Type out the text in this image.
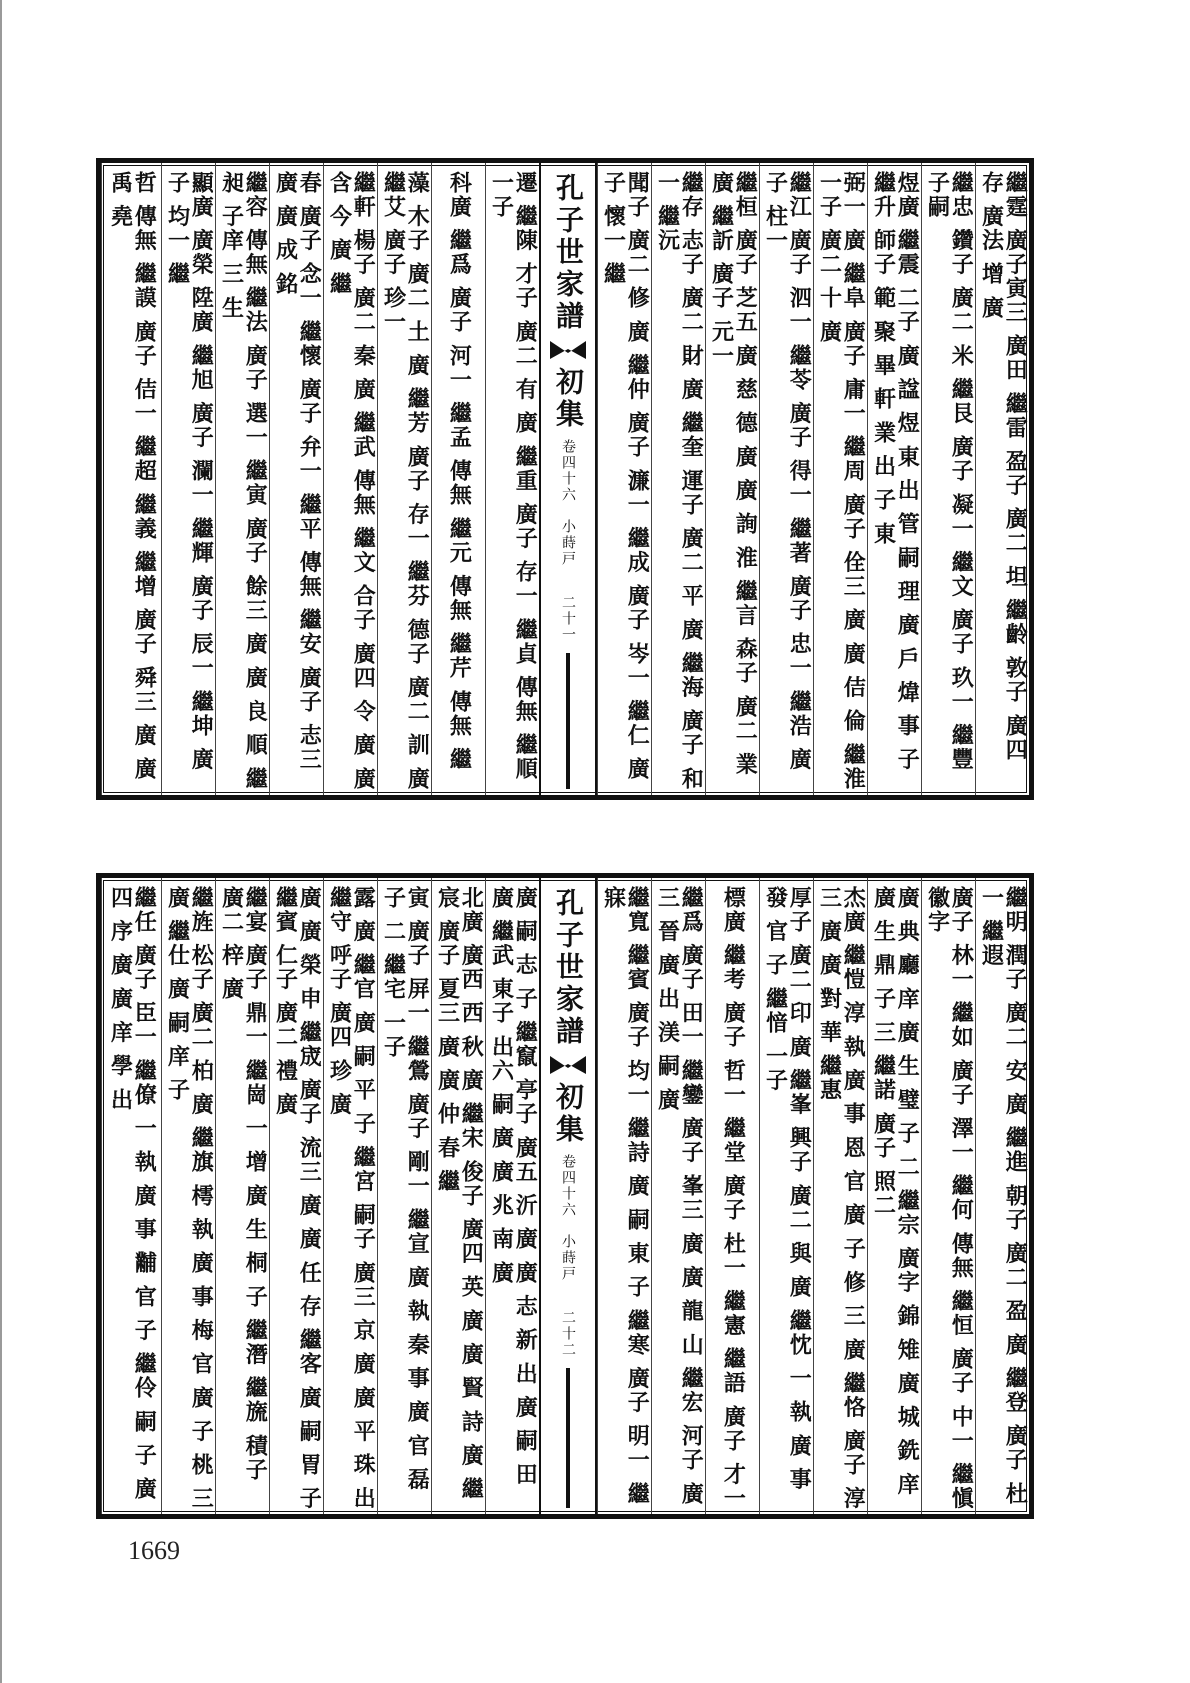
繼霆 廣子寅三 廣田 繼雷 盈子 廣二 坦 繼齡 敦子 廣四 存 廣法 增 廣
繼忠 鑽子 廣二 米 繼艮 廣子 凝一 繼文 廣子 玖一 繼豐 子嗣
煜廣 繼震 二子 廣 諡 煜 東 出 管 嗣 理 廣 戶 煒 事 子 繼升 師子 範 聚 畢 軒 業 出 子 東
弼一 廣 繼阜 廣子 庸一 繼周 廣子 佺三 廣 廣 佶 倫 繼淮 一子 廣二 十 廣
繼江 廣子 泗一 繼苓 廣子 得一 繼著 廣子 忠一 繼浩 廣子 柱一
繼桓 廣子 芝五 廣 慈 德 廣 廣 詢 淮 繼言 森子 廣二 業 廣 繼訢 廣子 元一
繼存 志子 廣二 財 廣 繼奎 運子 廣二 平 廣 繼海 廣子 和一 繼沅
聞子 廣二 修 廣 繼仲 廣子 濂一 繼成 廣子 岑一 繼仁 廣子 懷一 繼
孔子世家譜
初集
卷四十六　小蒔戸
二十一
遷 繼陳 才子 廣二 有 廣 繼重 廣子 存一 繼貞 傳無 繼順 一子
科廣 繼爲 廣子 河一 繼孟 傳無 繼元 傳無 繼芹 傳無 繼
藻 木子 廣二 土 廣 繼芳 廣子 存一 繼芬 德子 廣二 訓 廣 繼艾 廣子 珍一
繼軒 楊子 廣二 秦 廣 繼武 傳無 繼文 合子 廣四 令 廣 廣 含 今 廣 繼
春 廣子 念一 繼懷 廣子 弁一 繼平 傳無 繼安 廣子 志三 廣 廣 成 銘
繼容 傳無 繼法 廣子 選一 繼寅 廣子 餘三 廣 廣 良 順 繼昶 子庠 三 生
顯廣 廣榮 陞廣 繼旭 廣子 瀾一 繼輝 廣子 辰一 繼坤 廣子 均一 繼
哲 傳無 繼謨 廣子 佶一 繼超 繼義 繼增 廣子 舜三 廣 廣 禹 堯
繼明 潤子 廣二 安 廣 繼進 朝子 廣二 盈 廣 繼登 廣子 杜一 繼遐
廣子 林一 繼如 廣子 澤一 繼何 傳無 繼恒 廣子 中一 繼愼 徽字
廣 典 廳 庠 廣 生 璧 子 二 繼宗 廣字 錦 雉 廣 城 銑 庠 廣 生 鼎 子 三 繼諾 廣子 照二
杰廣 繼愷 淳 執 廣 事 恩 官 廣 子 修 三 廣 繼恪 廣子 淳三 廣 廣 對 華 繼惠
厚子 廣二 印 廣 繼峯 興子 廣二 與 廣 繼忱 一 執 廣 事 發 官 子 繼愔 一子
標廣 繼考 廣子 哲一 繼堂 廣子 杜一 繼憲 繼語 廣子 才一
繼爲 廣子 田一 繼鑾 廣子 峯三 廣 廣 龍 山 繼宏 河子 廣三 晉 廣 出 渼 嗣 廣
繼寬 繼賓 廣子 均一 繼詩 廣 嗣 東 子 繼寒 廣子 明一 繼寐
孔子世家譜
初集
卷四十六　小蒔戸
二十二
廣 嗣 志 子 繼竄 亭子 廣五 沂 廣 廣 志 新 出 廣 嗣 田 廣 繼武 東子 出六 嗣 廣 廣 兆 南 廣
北廣 廣西 西 秋 廣 繼宋 俊子 廣四 英 廣 廣 賢 詩 廣 繼宸 廣子 夏三 廣 廣 仲 春 繼
寅 廣子 屏一 繼鶯 廣子 剛一 繼宣 廣 執 秦 事 廣 官 磊 子 二 繼宅 一子
露 廣 繼官 廣 嗣 平 子 繼宮 嗣子 廣三 京 廣 廣 平 珠 出 繼守 呼子 廣四 珍 廣
廣 廣 榮 申 繼宬 廣子 流三 廣 廣 任 存 繼客 廣 嗣 胃 子 繼賓 仁子 廣二 禮 廣
繼宴 廣子 鼎一 繼崗 一 增 廣 生 桐 子 繼潛 繼旒 積子 廣二 梓 廣
繼旌 松子 廣二 柏 廣 繼旗 樗 執 廣 事 梅 官 廣 子 桃 三 廣 繼仕 廣 嗣 庠 子
繼任 廣子 臣一 繼僚 一 執 廣 事 黼 官 子 繼伶 嗣 子 廣 四 序 廣 廣 庠 學 出
1669
